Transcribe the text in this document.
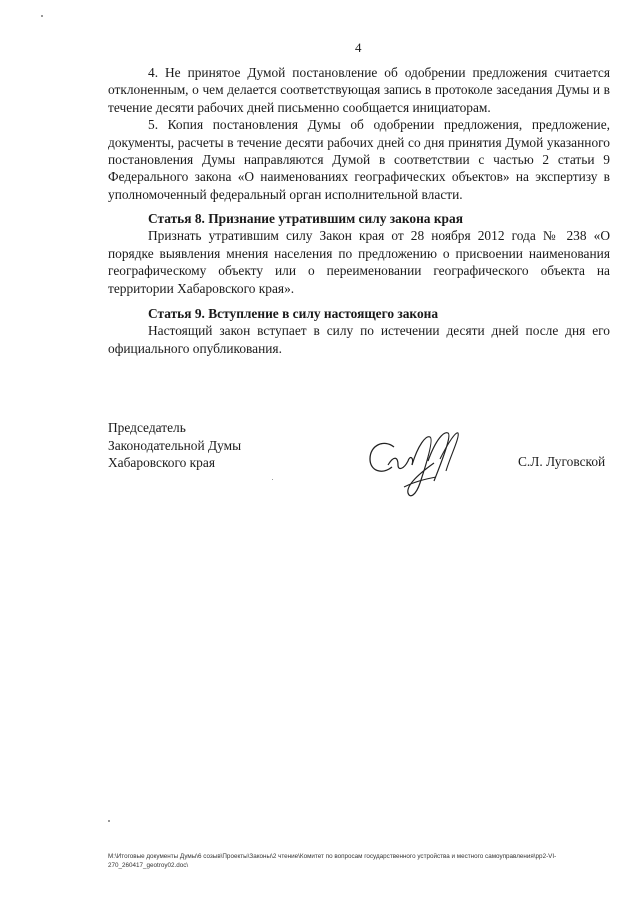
4

4. Не принятое Думой постановление об одобрении предложения считается отклоненным, о чем делается соответствующая запись в протоколе заседания Думы и в течение десяти рабочих дней письменно сообщается инициаторам.

5. Копия постановления Думы об одобрении предложения, предложение, документы, расчеты в течение десяти рабочих дней со дня принятия Думой указанного постановления Думы направляются Думой в соответствии с частью 2 статьи 9 Федерального закона «О наименованиях географических объектов» на экспертизу в уполномоченный федеральный орган исполнительной власти.

Статья 8. Признание утратившим силу закона края

Признать утратившим силу Закон края от 28 ноября 2012 года № 238 «О порядке выявления мнения населения по предложению о присвоении наименования географическому объекту или о переименовании географического объекта на территории Хабаровского края».

Статья 9. Вступление в силу настоящего закона

Настоящий закон вступает в силу по истечении десяти дней после дня его официального опубликования.

Председатель
Законодательной Думы
Хабаровского края	С.Л. Луговской
M:\Итоговые документы Думы\6 созыв\Проекты\Законы\2 чтение\Комитет по вопросам государственного устройства и местного самоуправления\рр2-VI-270_260417_geоtroy02.doc\
